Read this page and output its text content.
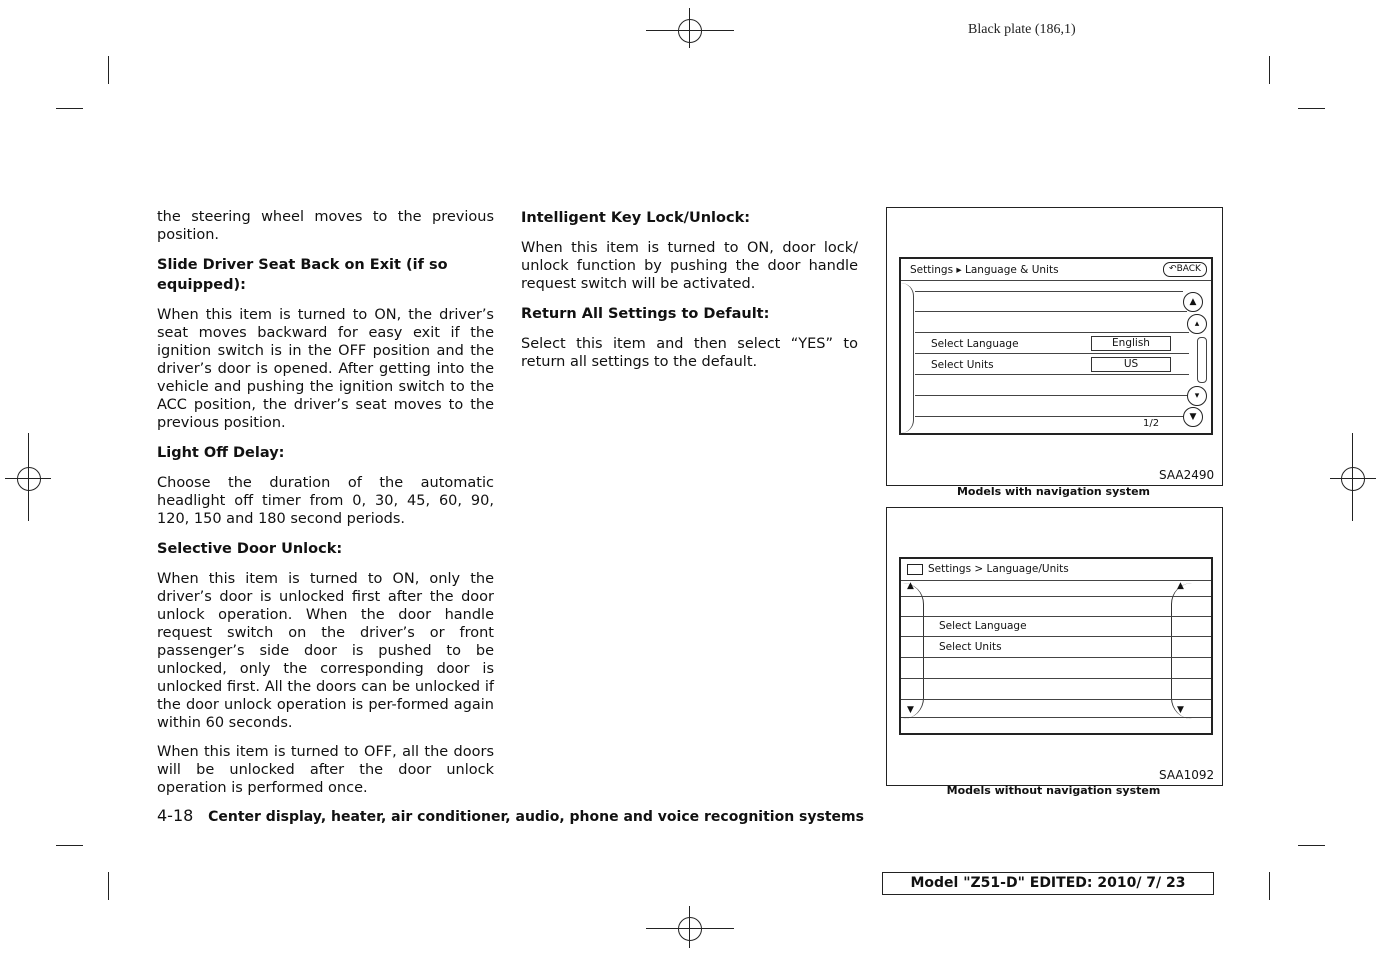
Black plate (186,1)

the steering wheel moves to the previous position.

Slide Driver Seat Back on Exit (if so equipped):

When this item is turned to ON, the driver’s seat moves backward for easy exit if the ignition switch is in the OFF position and the driver’s door is opened. After getting into the vehicle and pushing the ignition switch to the ACC position, the driver’s seat moves to the previous position.

Light Off Delay:

Choose the duration of the automatic headlight off timer from 0, 30, 45, 60, 90, 120, 150 and 180 second periods.

Selective Door Unlock:

When this item is turned to ON, only the driver’s door is unlocked first after the door unlock operation. When the door handle request switch on the driver’s or front passenger’s side door is pushed to be unlocked, only the corresponding door is unlocked first. All the doors can be unlocked if the door unlock operation is per-formed again within 60 seconds.

When this item is turned to OFF, all the doors will be unlocked after the door unlock operation is performed once.

Intelligent Key Lock/Unlock:

When this item is turned to ON, door lock/ unlock function by pushing the door handle request switch will be activated.

Return All Settings to Default:

Select this item and then select “YES” to return all settings to the default.

Settings ▸ Language & Units	↶BACK
Select Language	English
Select Units	US
1/2
▲
▴
▾
▼
SAA2490
Models with navigation system
Settings > Language/Units
▲
▼
▲
▼
Select Language
Select Units
SAA1092
Models without navigation system
4-18 Center display, heater, air conditioner, audio, phone and voice recognition systems
Model "Z51-D" EDITED: 2010/ 7/ 23
